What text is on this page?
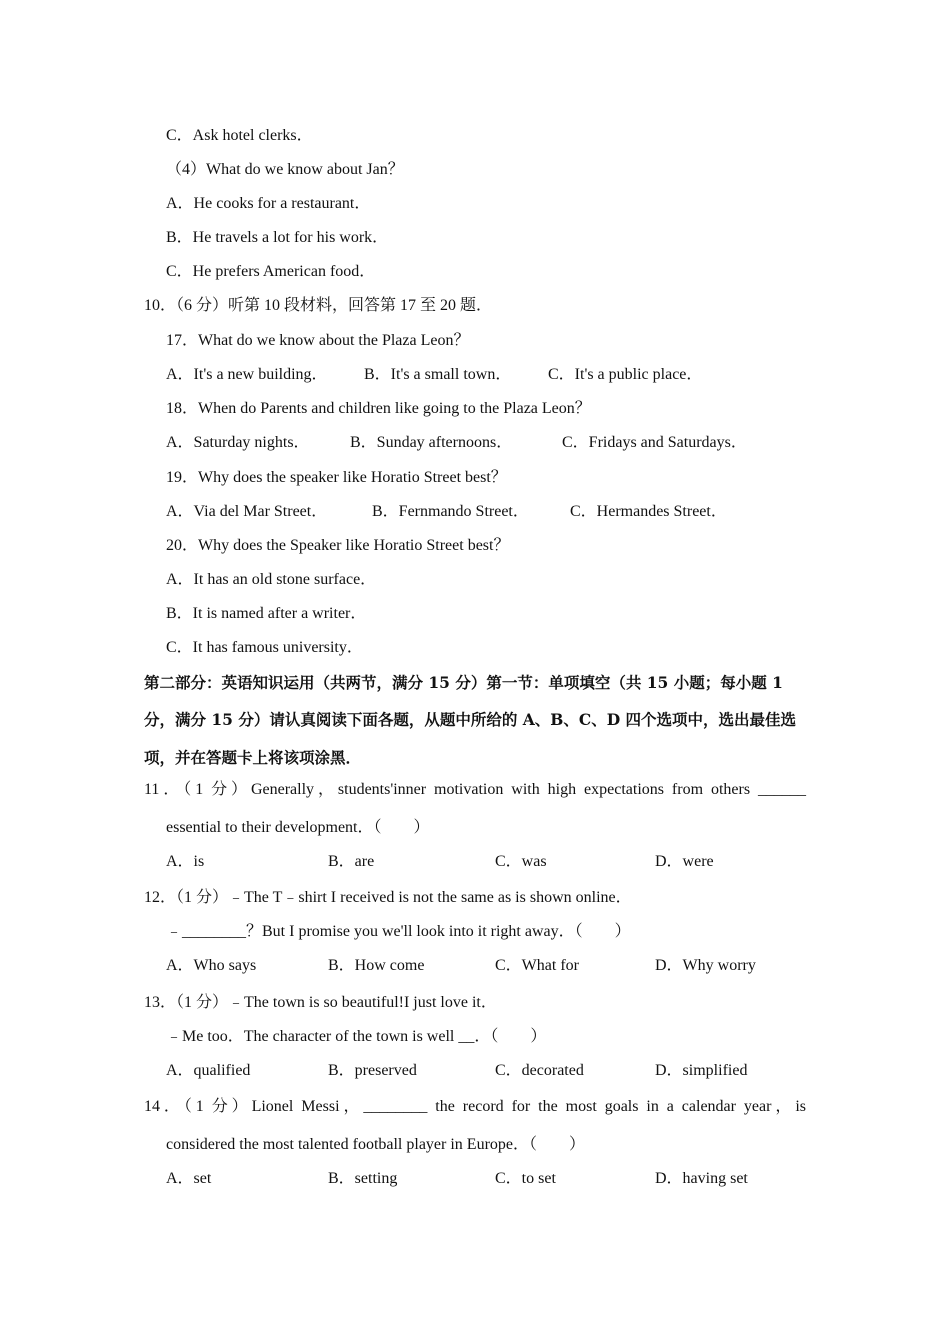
C．Ask hotel clerks．
（4）What do we know about Jan？
A．He cooks for a restaurant．
B．He travels a lot for his work．
C．He prefers American food．
10．（6 分）听第 10 段材料，回答第 17 至 20 题．
17．What do we know about the Plaza Leon？
A．It's a new building． B．It's a small town． C．It's a public place．
18．When do Parents and children like going to the Plaza Leon？
A．Saturday nights．	B．Sunday afternoons．	C．Fridays and Saturdays．
19．Why does the speaker like Horatio Street best？
A．Via del Mar Street．	B．Fernmando Street．	C．Hermandes Street．
20．Why does the Speaker like Horatio Street best？
A．It has an old stone surface．
B．It is named after a writer．
C．It has famous university．
第二部分：英语知识运用（共两节，满分 15 分）第一节：单项填空（共 15 小题；每小题 1
分，满分 15 分）请认真阅读下面各题，从题中所给的 A、B、C、D 四个选项中，选出最佳选
项，并在答题卡上将该项涂黑．
11．（1 分）Generally，students'inner motivation with high expectations from others ______
essential to their development．（　　）
A．is	B．are	C．was	D．were
12．（1 分）﹣The T﹣shirt I received is not the same as is shown online．
﹣________？But I promise you we'll look into it right away．（　　）
A．Who says	B．How come	C．What for	D．Why worry
13．（1 分）﹣The town is so beautiful!I just love it．
﹣Me too．The character of the town is well __．（　　）
A．qualified	B．preserved	C．decorated	D．simplified
14．（1 分）Lionel Messi，________ the record for the most goals in a calendar year，is
considered the most talented football player in Europe．（　　）
A．set	B．setting	C．to set	D．having set
